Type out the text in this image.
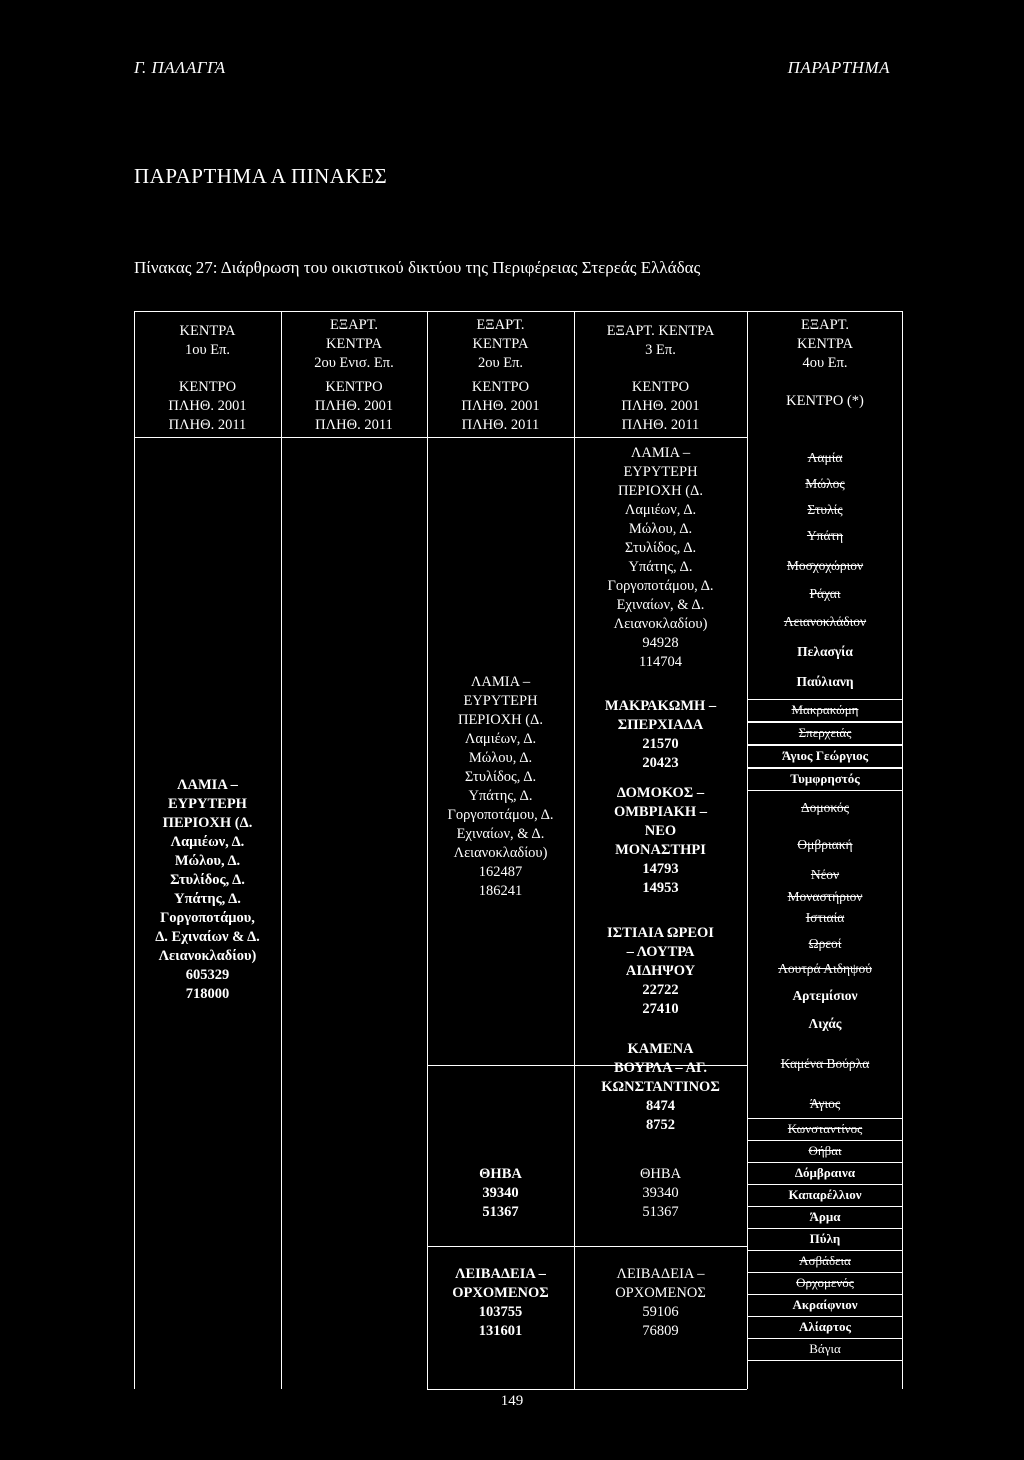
Γ. ΠΑΛΑΓΓΑ	ΠΑΡΑΡΤΗΜΑ
ΠΑΡΑΡΤΗΜΑ Α ΠΙΝΑΚΕΣ
Πίνακας 27: Διάρθρωση του οικιστικού δικτύου της Περιφέρειας Στερεάς Ελλάδας
ΚΕΝΤΡΑ
1ου Επ.
ΚΕΝΤΡΟ
ΠΛΗΘ. 2001
ΠΛΗΘ. 2011
ΕΞΑΡΤ.
ΚΕΝΤΡΑ
2ου Ενισ. Επ.
ΚΕΝΤΡΟ
ΠΛΗΘ. 2001
ΠΛΗΘ. 2011
ΕΞΑΡΤ.
ΚΕΝΤΡΑ
2ου Επ.
ΚΕΝΤΡΟ
ΠΛΗΘ. 2001
ΠΛΗΘ. 2011
ΕΞΑΡΤ. ΚΕΝΤΡΑ
3 Επ.
ΚΕΝΤΡΟ
ΠΛΗΘ. 2001
ΠΛΗΘ. 2011
ΕΞΑΡΤ.
ΚΕΝΤΡΑ
4ου Επ.
ΚΕΝΤΡΟ (*)
ΛΑΜΙΑ –
ΕΥΡΥΤΕΡΗ
ΠΕΡΙΟΧΗ (Δ.
Λαμιέων, Δ.
Μώλου, Δ.
Στυλίδος, Δ.
Υπάτης, Δ.
Γοργοποτάμου,
Δ. Εχιναίων & Δ.
Λειανοκλαδίου)
605329
718000
ΛΑΜΙΑ –
ΕΥΡΥΤΕΡΗ
ΠΕΡΙΟΧΗ (Δ.
Λαμιέων, Δ.
Μώλου, Δ.
Στυλίδος, Δ.
Υπάτης, Δ.
Γοργοποτάμου, Δ.
Εχιναίων, & Δ.
Λειανοκλαδίου)
162487
186241
ΘΗΒΑ
39340
51367
ΛΕΙΒΑΔΕΙΑ –
ΟΡΧΟΜΕΝΟΣ
103755
131601
ΛΑΜΙΑ –
ΕΥΡΥΤΕΡΗ
ΠΕΡΙΟΧΗ (Δ.
Λαμιέων, Δ.
Μώλου, Δ.
Στυλίδος, Δ.
Υπάτης, Δ.
Γοργοποτάμου, Δ.
Εχιναίων, & Δ.
Λειανοκλαδίου)
94928
114704
ΜΑΚΡΑΚΩΜΗ –
ΣΠΕΡΧΙΑΔΑ
21570
20423
ΔΟΜΟΚΟΣ –
ΟΜΒΡΙΑΚΗ –
ΝΕΟ
ΜΟΝΑΣΤΗΡΙ
14793
14953
ΙΣΤΙΑΙΑ ΩΡΕΟΙ
– ΛΟΥΤΡΑ
ΑΙΔΗΨΟΥ
22722
27410
ΚΑΜΕΝΑ
ΒΟΥΡΛΑ – ΑΓ.
ΚΩΝΣΤΑΝΤΙΝΟΣ
8474
8752
ΘΗΒΑ
39340
51367
ΛΕΙΒΑΔΕΙΑ –
ΟΡΧΟΜΕΝΟΣ
59106
76809
Λαμία
Μώλος
Στυλίς
Υπάτη
Μοσχοχώριον
Ράχαι
Λειανοκλάδιον
Πελασγία
Παύλιανη
Μακρακώμη
Σπερχειάς
Άγιος Γεώργιος
Τυμφρηστός
Δομοκός
Ομβριακή
Νέον
Μοναστήριον
Ιστιαία
Ωρεοί
Λουτρά Αιδηψού
Αρτεμίσιον
Λιχάς
Καμένα Βούρλα
Άγιος
Κωνσταντίνος
Θήβαι
Δόμβραινα
Καπαρέλλιον
Άρμα
Πύλη
Ασβάδεια
Ορχομενός
Ακραίφνιον
Αλίαρτος
Βάγια
149
